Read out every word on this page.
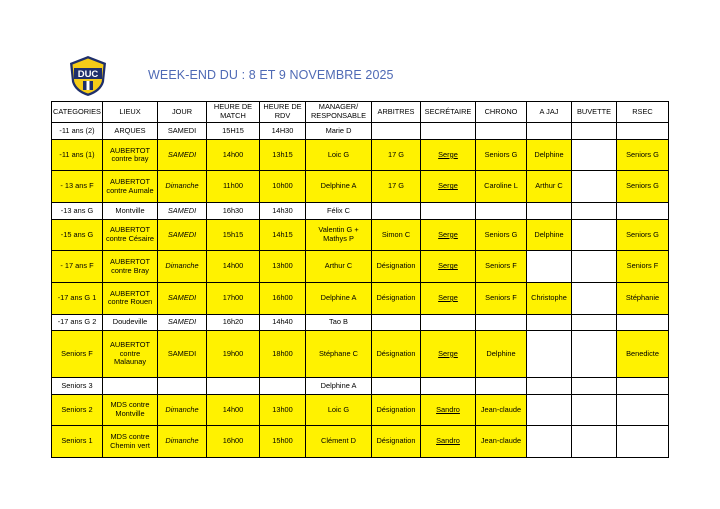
DUC	WEEK-END DU : 8 ET 9 NOVEMBRE 2025
CATEGORIES	LIEUX	JOUR	HEURE DE MATCH	HEURE DE RDV	MANAGER/ RESPONSABLE	ARBITRES	SECRÉTAIRE	CHRONO	A JAJ	BUVETTE	RSEC
-11 ans (2)	ARQUES	SAMEDI	15H15	14H30	Marie D						
-11 ans (1)	AUBERTOT contre bray	SAMEDI	14h00	13h15	Loic G	17 G	Serge	Seniors G	Delphine		Seniors G
- 13 ans F	AUBERTOT contre Aumale	Dimanche	11h00	10h00	Delphine A	17 G	Serge	Caroline L	Arthur C		Seniors G
-13 ans G	Montville	SAMEDI	16h30	14h30	Félix C						
-15 ans G	AUBERTOT contre Césaire	SAMEDI	15h15	14h15	Valentin G + Mathys P	Simon C	Serge	Seniors G	Delphine		Seniors G
- 17 ans F	AUBERTOT contre Bray	Dimanche	14h00	13h00	Arthur C	Désignation	Serge	Seniors F			Seniors F
-17 ans G 1	AUBERTOT contre Rouen	SAMEDI	17h00	16h00	Delphine A	Désignation	Serge	Seniors F	Christophe		Stéphanie
-17 ans G 2	Doudeville	SAMEDI	16h20	14h40	Tao B						
Seniors F	AUBERTOT contre Malaunay	SAMEDI	19h00	18h00	Stéphane C	Désignation	Serge	Delphine			Benedicte
Seniors 3					Delphine A						
Seniors 2	MDS contre Montville	Dimanche	14h00	13h00	Loic G	Désignation	Sandro	Jean-claude			
Seniors 1	MDS contre Chemin vert	Dimanche	16h00	15h00	Clément D	Désignation	Sandro	Jean-claude			
